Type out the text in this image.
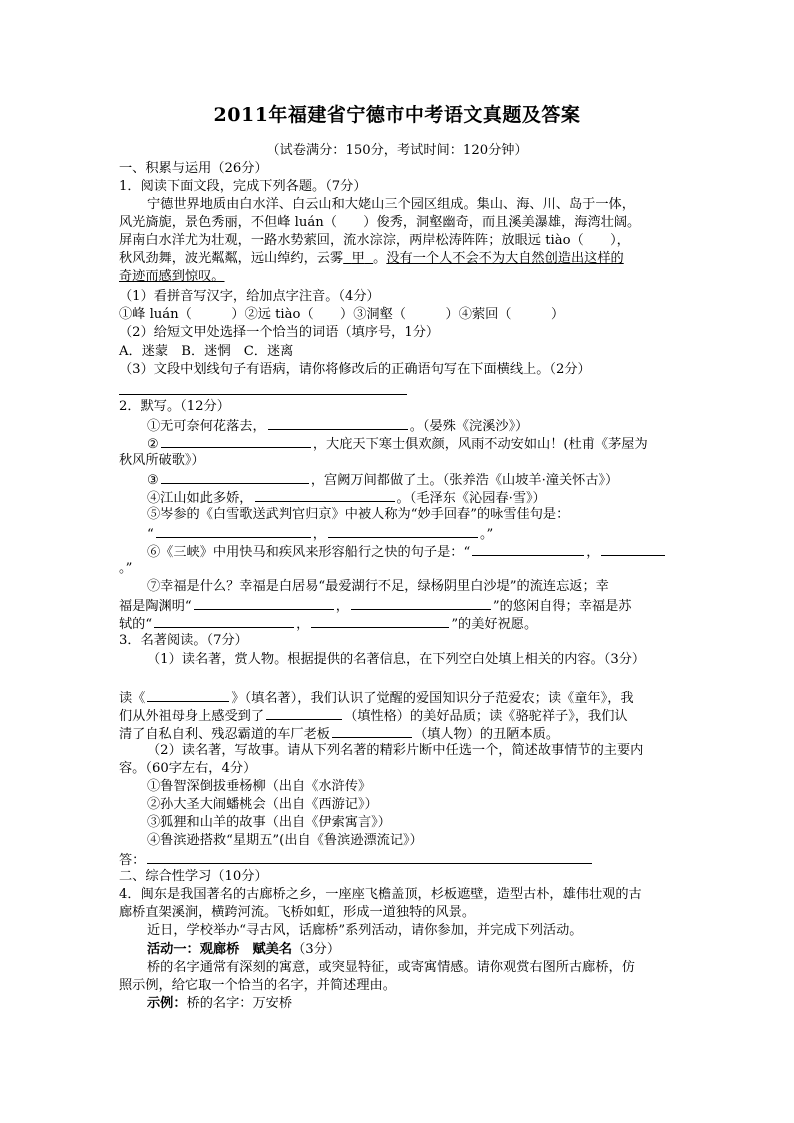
2011年福建省宁德市中考语文真题及答案
（试卷满分：150分，考试时间：120分钟）
一、积累与运用（26分）
1．阅读下面文段，完成下列各题。（7分）
宁德世界地质由白水洋、白云山和大姥山三个园区组成。集山、海、川、岛于一体，
风光旖旎，景色秀丽，不但峰 luán（　　）俊秀，洞壑幽奇，而且溪美瀑雄，海湾壮阔。
屏南白水洋尤为壮观，一路水势萦回，流水淙淙，两岸松涛阵阵；放眼远 tiào（　　），
秋风劲舞，波光粼粼，远山绰约，云雾 甲 。没有一个人不会不为大自然创造出这样的
奇迹而感到惊叹。
（1）看拼音写汉字，给加点字注音。（4分）
①峰 luán（　　　）②远 tiào（　　）③洞壑（　　　）④萦回（　　　）
（2）给短文甲处选择一个恰当的词语（填序号，1分）
A．迷蒙　B．迷惘　C．迷离
（3）文段中划线句子有语病，请你将修改后的正确语句写在下面横线上。（2分）
2．默写。（12分）
①无可奈何花落去，	。（晏殊《浣溪沙》）
②	，大庇天下寒士俱欢颜，风雨不动安如山！(杜甫《茅屋为
秋风所破歌》）
③	，宫阙万间都做了土。（张养浩《山坡羊·潼关怀古》）
④江山如此多娇，	。（毛泽东《沁园春·雪》）
⑤岑参的《白雪歌送武判官归京》中被人称为“妙手回春”的咏雪佳句是：
“	，	。”
⑥《三峡》中用快马和疾风来形容船行之快的句子是：“	，
。”
⑦幸福是什么？幸福是白居易“最爱湖行不足，绿杨阴里白沙堤”的流连忘返；幸
福是陶渊明“	，	”的悠闲自得；幸福是苏
轼的“	，	”的美好祝愿。
3．名著阅读。（7分）
（1）读名著，赏人物。根据提供的名著信息，在下列空白处填上相关的内容。（3分）
读《	》（填名著），我们认识了觉醒的爱国知识分子范爱农；读《童年》，我
们从外祖母身上感受到了	（填性格）的美好品质；读《骆驼祥子》，我们认
清了自私自利、残忍霸道的车厂老板	（填人物）的丑陋本质。
（2）读名著，写故事。请从下列名著的精彩片断中任选一个，简述故事情节的主要内
容。（60字左右，4分）
①鲁智深倒拔垂杨柳（出自《水浒传》
②孙大圣大闹蟠桃会（出自《西游记》）
③狐狸和山羊的故事（出自《伊索寓言》）
④鲁滨逊搭救“星期五”(出自《鲁滨逊漂流记》）
答：
二、综合性学习（10分）
4．闽东是我国著名的古廊桥之乡，一座座飞檐盖顶，杉板遮壁，造型古朴，雄伟壮观的古
廊桥直架溪涧，横跨河流。飞桥如虹，形成一道独特的风景。
近日，学校举办“寻古风，话廊桥”系列活动，请你参加，并完成下列活动。
活动一：观廊桥　赋美名（3分）
桥的名字通常有深刻的寓意，或突显特征，或寄寓情感。请你观赏右图所古廊桥，仿
照示例，给它取一个恰当的名字，并简述理由。
示例：桥的名字：万安桥
